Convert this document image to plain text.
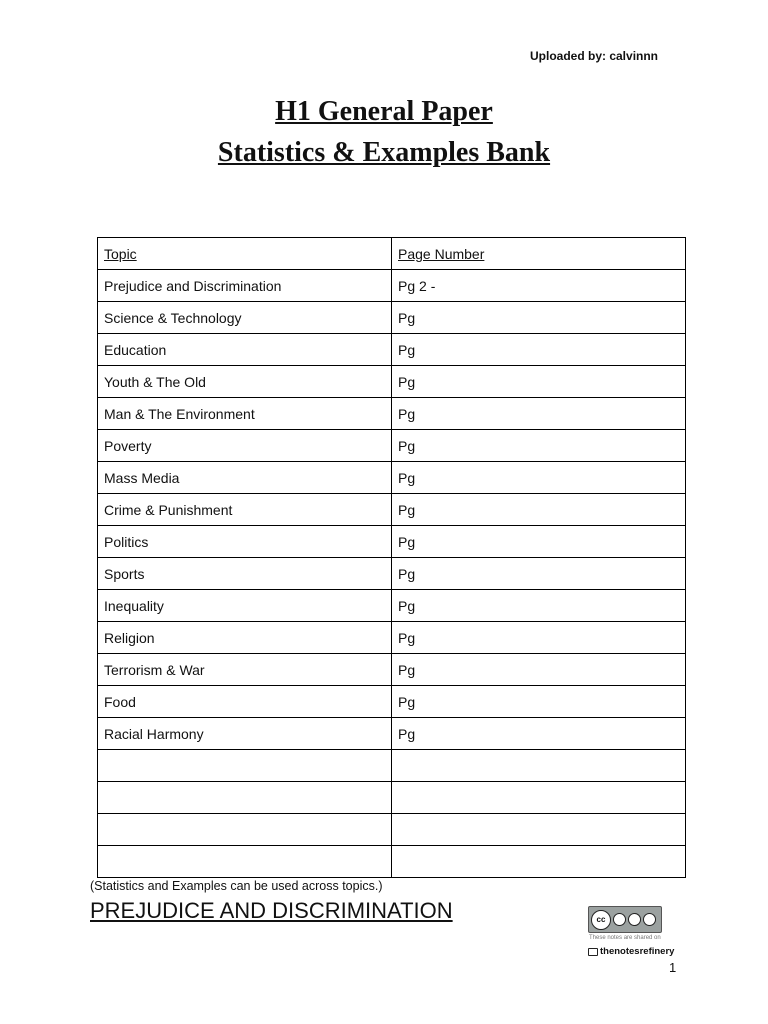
Uploaded by: calvinnn
H1 General Paper
Statistics & Examples Bank
Topic	Page Number
Prejudice and Discrimination	Pg 2 -
Science & Technology	Pg
Education	Pg
Youth & The Old	Pg
Man & The Environment	Pg
Poverty	Pg
Mass Media	Pg
Crime & Punishment	Pg
Politics	Pg
Sports	Pg
Inequality	Pg
Religion	Pg
Terrorism & War	Pg
Food	Pg
Racial Harmony	Pg

(Statistics and Examples can be used across topics.)
PREJUDICE AND DISCRIMINATION	cc
These notes are shared on
thenotesrefinery
1
